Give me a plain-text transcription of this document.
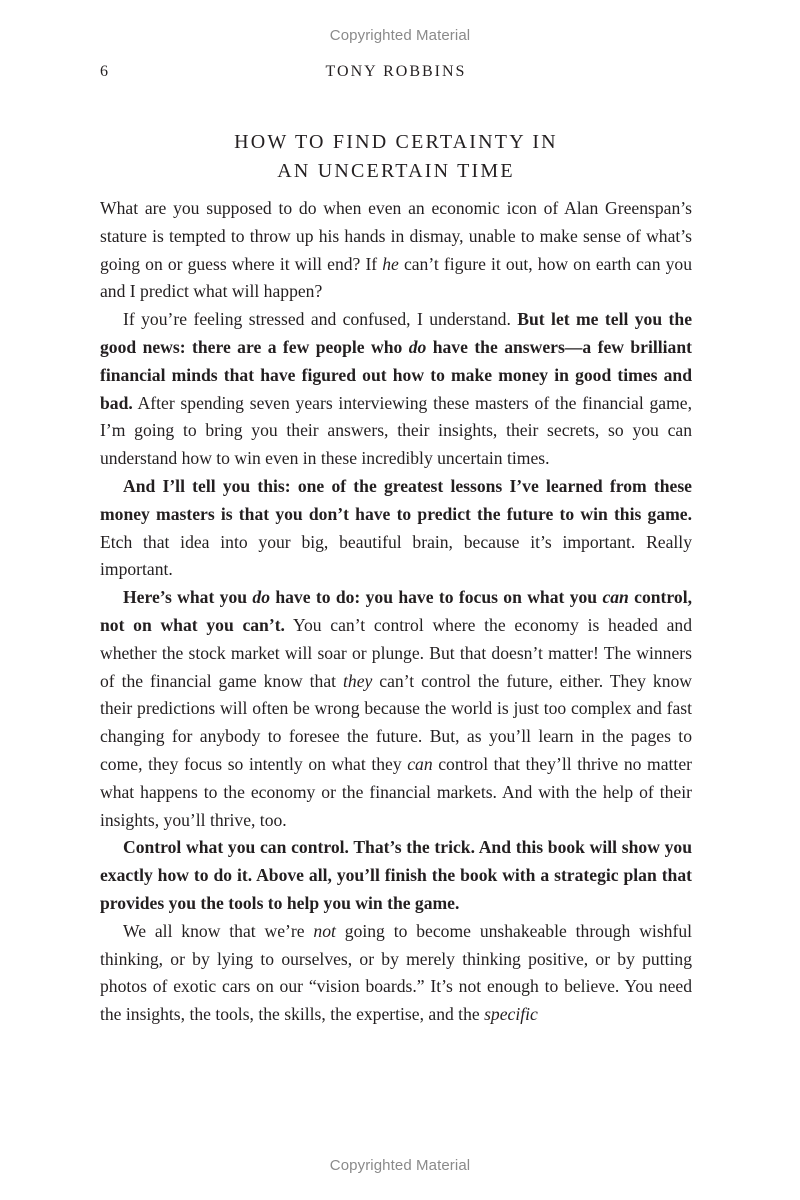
Copyrighted Material
6	TONY ROBBINS
HOW TO FIND CERTAINTY IN
AN UNCERTAIN TIME

What are you supposed to do when even an economic icon of Alan Greenspan’s stature is tempted to throw up his hands in dismay, unable to make sense of what’s going on or guess where it will end? If he can’t figure it out, how on earth can you and I predict what will happen?

If you’re feeling stressed and confused, I understand. But let me tell you the good news: there are a few people who do have the answers—a few brilliant financial minds that have figured out how to make money in good times and bad. After spending seven years interviewing these masters of the financial game, I’m going to bring you their answers, their insights, their secrets, so you can understand how to win even in these incredibly uncertain times.

And I’ll tell you this: one of the greatest lessons I’ve learned from these money masters is that you don’t have to predict the future to win this game. Etch that idea into your big, beautiful brain, because it’s important. Really important.

Here’s what you do have to do: you have to focus on what you can control, not on what you can’t. You can’t control where the economy is headed and whether the stock market will soar or plunge. But that doesn’t matter! The winners of the financial game know that they can’t control the future, either. They know their predictions will often be wrong because the world is just too complex and fast changing for anybody to foresee the future. But, as you’ll learn in the pages to come, they focus so intently on what they can control that they’ll thrive no matter what happens to the economy or the financial markets. And with the help of their insights, you’ll thrive, too.

Control what you can control. That’s the trick. And this book will show you exactly how to do it. Above all, you’ll finish the book with a strategic plan that provides you the tools to help you win the game.

We all know that we’re not going to become unshakeable through wishful thinking, or by lying to ourselves, or by merely thinking positive, or by putting photos of exotic cars on our “vision boards.” It’s not enough to believe. You need the insights, the tools, the skills, the expertise, and the specific

Copyrighted Material
